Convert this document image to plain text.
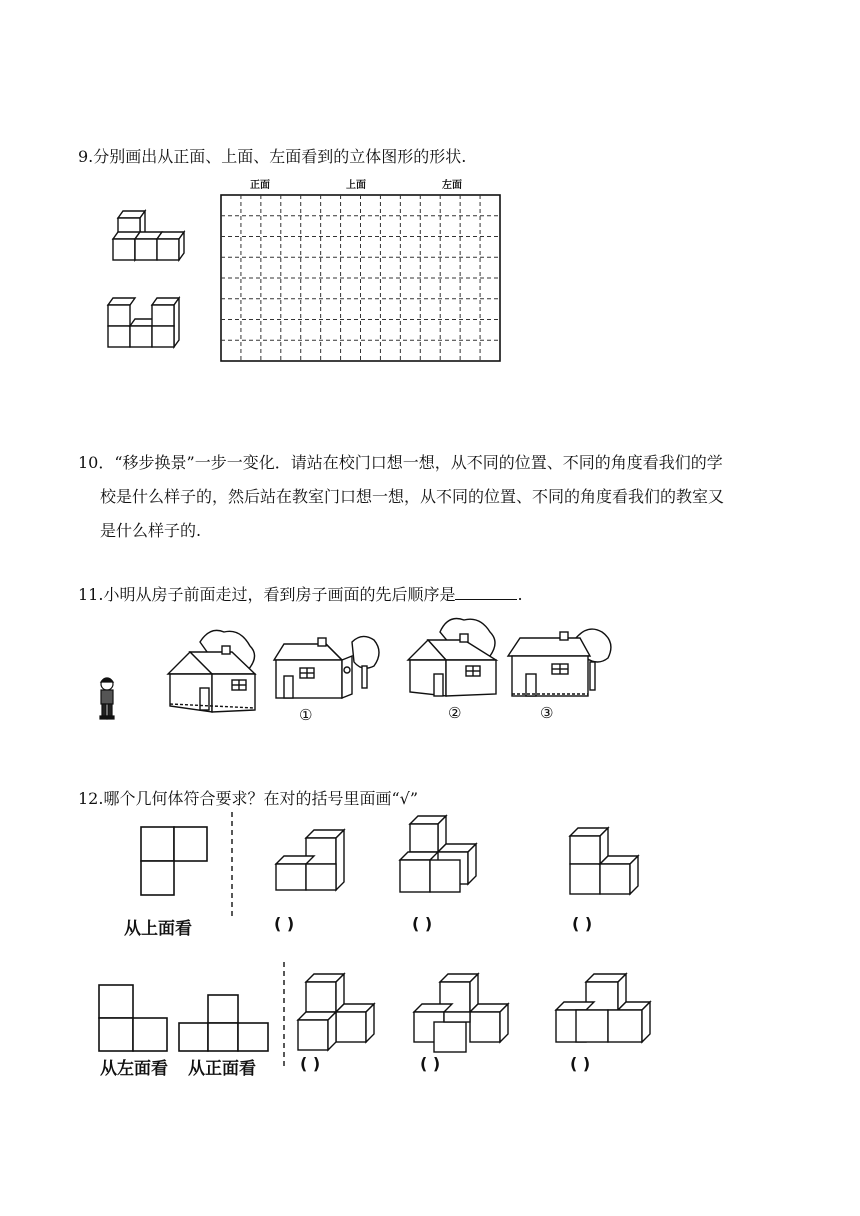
9.分别画出从正面、上面、左面看到的立体图形的形状.
正面	上面	左面
10．“移步换景”一步一变化．请站在校门口想一想，从不同的位置、不同的角度看我们的学
校是什么样子的，然后站在教室门口想一想，从不同的位置、不同的角度看我们的教室又
是什么样子的.
11.小明从房子前面走过，看到房子画面的先后顺序是	.
①	②	③
12.哪个几何体符合要求？在对的括号里面画“√”
从上面看	( )	( )	( )
从左面看 从正面看	( )	( )	( )
